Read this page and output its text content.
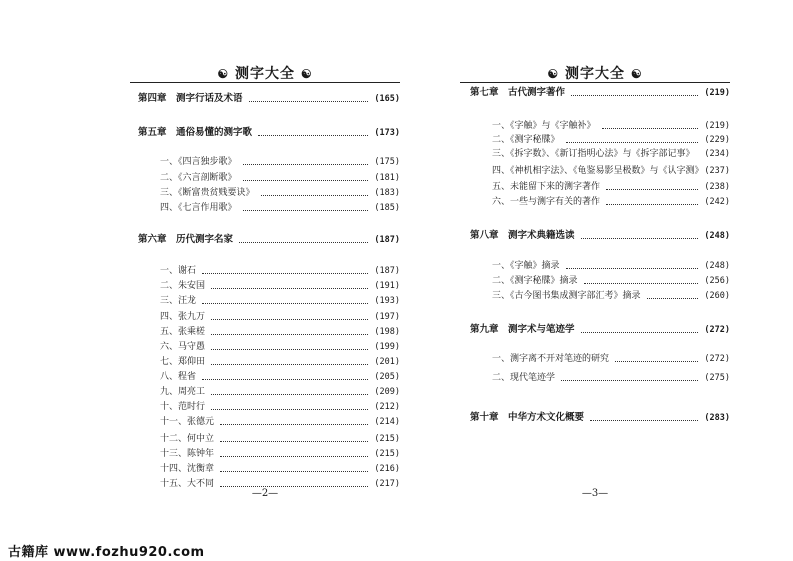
☯ 测字大全 ☯
第四章　测字行话及术语	(165)
第五章　通俗易懂的测字歌	(173)
一、《四言独步歌》	(175)
二、《六言剖断歌》	(181)
三、《断富贵贫贱要诀》	(183)
四、《七言作用歌》	(185)
第六章　历代测字名家	(187)
一、谢石	(187)
二、朱安国	(191)
三、汪龙	(193)
四、张九万	(197)
五、张乘槎	(198)
六、马守愚	(199)
七、郑仰田	(201)
八、程省	(205)
九、周亮工	(209)
十、范时行	(212)
十一、张德元	(214)
十二、何中立	(215)
十三、陈钟年	(215)
十四、沈衡章	(216)
十五、大不同	(217)
—2—
☯ 测字大全 ☯
第七章　古代测字著作	(219)
一、《字触》与《字触补》	(219)
二、《测字秘牒》	(229)
三、《拆字数》、《新订指明心法》与《拆字部记事》 (234)
四、《神机相字法》、《龟鉴易影呈极数》与《认字测》 (237)
五、未能留下来的测字著作	(238)
六、一些与测字有关的著作	(242)
第八章　测字术典籍选读	(248)
一、《字触》摘录	(248)
二、《测字秘牒》摘录	(256)
三、《古今图书集成测字部汇考》摘录	(260)
第九章　测字术与笔迹学	(272)
一、测字离不开对笔迹的研究	(272)
二、现代笔迹学	(275)
第十章　中华方术文化概要	(283)
—3—
古籍库 www.fozhu920.com
